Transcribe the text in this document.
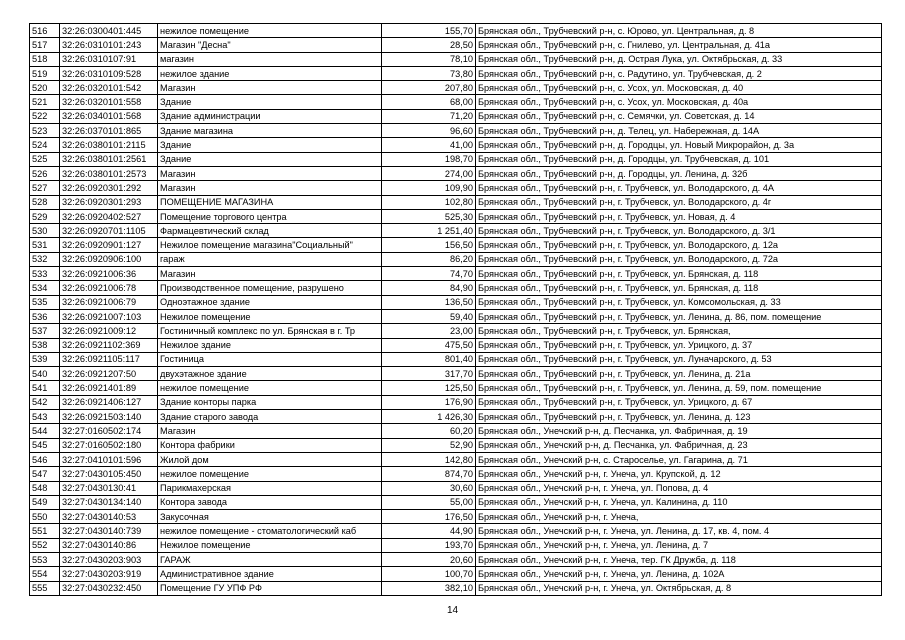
516	32:26:0300401:445	нежилое помещение	155,70	Брянская обл., Трубчевский р-н, с. Юрово, ул. Центральная, д. 8
517	32:26:0310101:243	Магазин "Десна"	28,50	Брянская обл., Трубчевский р-н, с. Гнилево, ул. Центральная, д. 41а
518	32:26:0310107:91	магазин	78,10	Брянская обл., Трубчевский р-н, д. Острая Лука, ул. Октябрьская, д. 33
519	32:26:0310109:528	нежилое здание	73,80	Брянская обл., Трубчевский р-н, с. Радутино, ул. Трубчевская, д. 2
520	32:26:0320101:542	Магазин	207,80	Брянская обл., Трубчевский р-н, с. Усох, ул. Московская, д. 40
521	32:26:0320101:558	Здание	68,00	Брянская обл., Трубчевский р-н, с. Усох, ул. Московская, д. 40а
522	32:26:0340101:568	Здание администрации	71,20	Брянская обл., Трубчевский р-н, с. Семячки, ул. Советская, д. 14
523	32:26:0370101:865	Здание магазина	96,60	Брянская обл., Трубчевский р-н, д. Телец, ул. Набережная, д. 14А
524	32:26:0380101:2115	Здание	41,00	Брянская обл., Трубчевский р-н, д. Городцы, ул. Новый Микрорайон, д. 3а
525	32:26:0380101:2561	Здание	198,70	Брянская обл., Трубчевский р-н, д. Городцы, ул. Трубчевская, д. 101
526	32:26:0380101:2573	Магазин	274,00	Брянская обл., Трубчевский р-н, д. Городцы, ул. Ленина, д. 32б
527	32:26:0920301:292	Магазин	109,90	Брянская обл., Трубчевский р-н, г. Трубчевск, ул. Володарского, д. 4А
528	32:26:0920301:293	ПОМЕЩЕНИЕ МАГАЗИНА	102,80	Брянская обл., Трубчевский р-н, г. Трубчевск, ул. Володарского, д. 4г
529	32:26:0920402:527	Помещение торгового центра	525,30	Брянская обл., Трубчевский р-н, г. Трубчевск, ул. Новая, д. 4
530	32:26:0920701:1105	Фармацевтический склад	1 251,40	Брянская обл., Трубчевский р-н, г. Трубчевск, ул. Володарского, д. 3/1
531	32:26:0920901:127	Нежилое помещение магазина"Социальный"	156,50	Брянская обл., Трубчевский р-н, г. Трубчевск, ул. Володарского, д. 12а
532	32:26:0920906:100	гараж	86,20	Брянская обл., Трубчевский р-н, г. Трубчевск, ул. Володарского, д. 72а
533	32:26:0921006:36	Магазин	74,70	Брянская обл., Трубчевский р-н, г. Трубчевск, ул. Брянская, д. 118
534	32:26:0921006:78	Производственное помещение, разрушено	84,90	Брянская обл., Трубчевский р-н, г. Трубчевск, ул. Брянская, д. 118
535	32:26:0921006:79	Одноэтажное здание	136,50	Брянская обл., Трубчевский р-н, г. Трубчевск, ул. Комсомольская, д. 33
536	32:26:0921007:103	Нежилое помещение	59,40	Брянская обл., Трубчевский р-н, г. Трубчевск, ул. Ленина, д. 86, пом. помещение
537	32:26:0921009:12	Гостиничный комплекс по ул. Брянская в г. Тр	23,00	Брянская обл., Трубчевский р-н, г. Трубчевск, ул. Брянская,
538	32:26:0921102:369	Нежилое здание	475,50	Брянская обл., Трубчевский р-н, г. Трубчевск, ул. Урицкого, д. 37
539	32:26:0921105:117	Гостиница	801,40	Брянская обл., Трубчевский р-н, г. Трубчевск, ул. Луначарского, д. 53
540	32:26:0921207:50	двухэтажное здание	317,70	Брянская обл., Трубчевский р-н, г. Трубчевск, ул. Ленина, д. 21а
541	32:26:0921401:89	нежилое помещение	125,50	Брянская обл., Трубчевский р-н, г. Трубчевск, ул. Ленина, д. 59, пом. помещение
542	32:26:0921406:127	Здание конторы парка	176,90	Брянская обл., Трубчевский р-н, г. Трубчевск, ул. Урицкого, д. 67
543	32:26:0921503:140	Здание старого завода	1 426,30	Брянская обл., Трубчевский р-н, г. Трубчевск, ул. Ленина, д. 123
544	32:27:0160502:174	Магазин	60,20	Брянская обл., Унечский р-н, д. Песчанка, ул. Фабричная, д. 19
545	32:27:0160502:180	Контора фабрики	52,90	Брянская обл., Унечский р-н, д. Песчанка, ул. Фабричная, д. 23
546	32:27:0410101:596	Жилой дом	142,80	Брянская обл., Унечский р-н, с. Староселье, ул. Гагарина, д. 71
547	32:27:0430105:450	нежилое помещение	874,70	Брянская обл., Унечский р-н, г. Унеча, ул. Крупской, д. 12
548	32:27:0430130:41	Парикмахерская	30,60	Брянская обл., Унечский р-н, г. Унеча, ул. Попова, д. 4
549	32:27:0430134:140	Контора завода	55,00	Брянская обл., Унечский р-н, г. Унеча, ул. Калинина, д. 110
550	32:27:0430140:53	Закусочная	176,50	Брянская обл., Унечский р-н, г. Унеча,
551	32:27:0430140:739	нежилое помещение - стоматологический каб	44,90	Брянская обл., Унечский р-н, г. Унеча, ул. Ленина, д. 17, кв. 4, пом. 4
552	32:27:0430140:86	Нежилое помещение	193,70	Брянская обл., Унечский р-н, г. Унеча, ул. Ленина, д. 7
553	32:27:0430203:903	ГАРАЖ	20,60	Брянская обл., Унечский р-н, г. Унеча, тер. ГК Дружба, д. 118
554	32:27:0430203:919	Административное здание	100,70	Брянская обл., Унечский р-н, г. Унеча, ул. Ленина, д. 102А
555	32:27:0430232:450	Помещение ГУ УПФ РФ	382,10	Брянская обл., Унечский р-н, г. Унеча, ул. Октябрьская, д. 8
14
